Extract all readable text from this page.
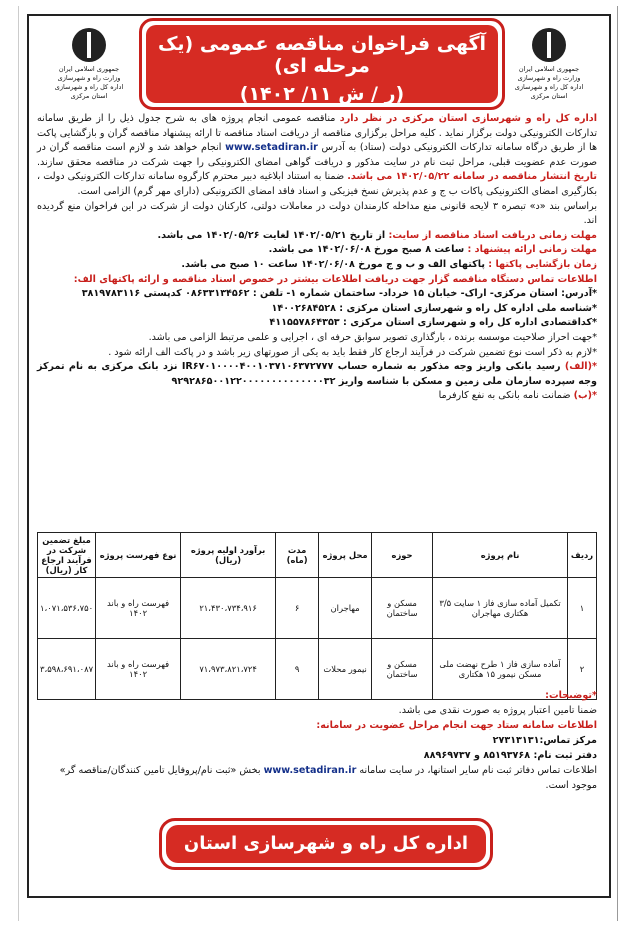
جمهوری اسلامی ایران
وزارت راه و شهرسازی
اداره کل راه و شهرسازی استان مرکزی
جمهوری اسلامی ایران
وزارت راه و شهرسازی
اداره کل راه و شهرسازی استان مرکزی
آگهی فراخوان مناقصه عمومی (یک مرحله ای)
(ر / ش ۱۱/ ۱۴۰۲)

اداره کل راه و شهرسازی استان مرکزی در نظر دارد مناقصه عمومی انجام پروژه های به شرح جدول ذیل را از طریق سامانه تدارکات الکترونیکی دولت برگزار نماید . کلیه مراحل برگزاری مناقصه از دریافت اسناد مناقصه تا ارائه پیشنهاد مناقصه گران و بازگشایی پاکت ها از طریق درگاه سامانه تدارکات الکترونیکی دولت (ستاد) به آدرس www.setadiran.ir انجام خواهد شد و لازم است مناقصه گران در صورت عدم عضویت قبلی، مراحل ثبت نام در سایت مذکور و دریافت گواهی امضای الکترونیکی را جهت شرکت در مناقصه محقق سازند. تاریخ انتشار مناقصه در سامانه ۱۴۰۲/۰۵/۲۲ می باشد. ضمنا به استناد ابلاغیه دبیر محترم کارگروه سامانه تدارکات الکترونیکی دولت ، بکارگیری امضای الکترونیکی پاکات ب ج و عدم پذیرش نسخ فیزیکی و اسناد فاقد امضای الکترونیکی (دارای مهر گرم) الزامی است.

براساس بند «د» تبصره ۳ لایحه قانونی منع مداخله کارمندان دولت در معاملات دولتی، کارکنان دولت از شرکت در این فراخوان منع گردیده اند.

مهلت زمانی دریافت اسناد مناقصه از سایت: از تاریخ ۱۴۰۲/۰۵/۲۱ لغایت ۱۴۰۲/۰۵/۲۶ می باشد.

مهلت زمانی ارائه پیشنهاد : ساعت ۸ صبح مورخ ۱۴۰۲/۰۶/۰۸ می باشد.

زمان بازگشایی پاکتها : پاکتهای الف و ب و ج مورخ ۱۴۰۲/۰۶/۰۸ ساعت ۱۰ صبح می باشد.

اطلاعات تماس دستگاه مناقصه گزار جهت دریافت اطلاعات بیشتر در خصوص اسناد مناقصه و ارائه پاکتهای الف:

*آدرس: استان مرکزی- اراک- خیابان ۱۵ خرداد- ساختمان شماره ۱- تلفن : ۰۸۶۳۳۱۳۴۵۶۲ کدپستی ۳۸۱۹۷۸۳۱۱۶

*شناسه ملی اداره کل راه و شهرسازی استان مرکزی : ۱۴۰۰۲۶۸۴۵۲۸

*کداقتصادی اداره کل راه و شهرسازی استان مرکزی : ۴۱۱۵۵۷۸۶۴۳۵۳

*جهت احراز صلاحیت موسسه برنده ، بارگذاری تصویر سوابق حرفه ای ، اجرایی و علمی مرتبط الزامی می باشد.

*لازم به ذکر است نوع تضمین شرکت در فرآیند ارجاع کار فقط باید به یکی از صورتهای زیر باشد و در پاکت الف ارائه شود .

*(الف) رسید بانکی واریز وجه مذکور به شماره حساب IR۶۷۰۱۰۰۰۰۴۰۰۱۰۳۷۱۰۶۳۷۲۷۷۷ نزد بانک مرکزی به نام تمرکز وجه سپرده سازمان ملی زمین و مسکن با شناسه واریز ۹۲۹۲۸۶۵۰۰۱۲۲۰۰۰۰۰۰۰۰۰۰۰۰۰۰۳۲

*(ب) ضمانت نامه بانکی به نفع کارفرما

ردیف	نام پروژه	حوزه	محل پروژه	مدت (ماه)	برآورد اولیه پروژه (ریال)	نوع فهرست پروژه	مبلغ تضمین شرکت در فرآیند ارجاع کار (ریال)
۱	تکمیل آماده سازی فاز ۱ سایت ۳/۵ هکتاری مهاجران	مسکن و ساختمان	مهاجران	۶	۲۱،۴۳۰،۷۳۴،۹۱۶	فهرست راه و باند ۱۴۰۲	۱،۰۷۱،۵۳۶،۷۵۰
۲	آماده سازی فاز ۱ طرح نهضت ملی مسکن نیمور ۱۵ هکتاری	مسکن و ساختمان	نیمور محلات	۹	۷۱،۹۷۳،۸۲۱،۷۲۴	فهرست راه و باند ۱۴۰۲	۳،۵۹۸،۶۹۱،۰۸۷

*توضیحات:

ضمنا تامین اعتبار پروژه به صورت نقدی می باشد.

اطلاعات سامانه ستاد جهت انجام مراحل عضویت در سامانه:

مرکز تماس:۲۷۳۱۳۱۳۱

دفتر ثبت نام: ۸۵۱۹۳۷۶۸ و ۸۸۹۶۹۷۳۷

اطلاعات تماس دفاتر ثبت نام سایر استانها، در سایت سامانه www.setadiran.ir بخش «ثبت نام/پروفایل تامین کنندگان/مناقصه گر» موجود است.

اداره کل راه و شهرسازی استان مرکزی
